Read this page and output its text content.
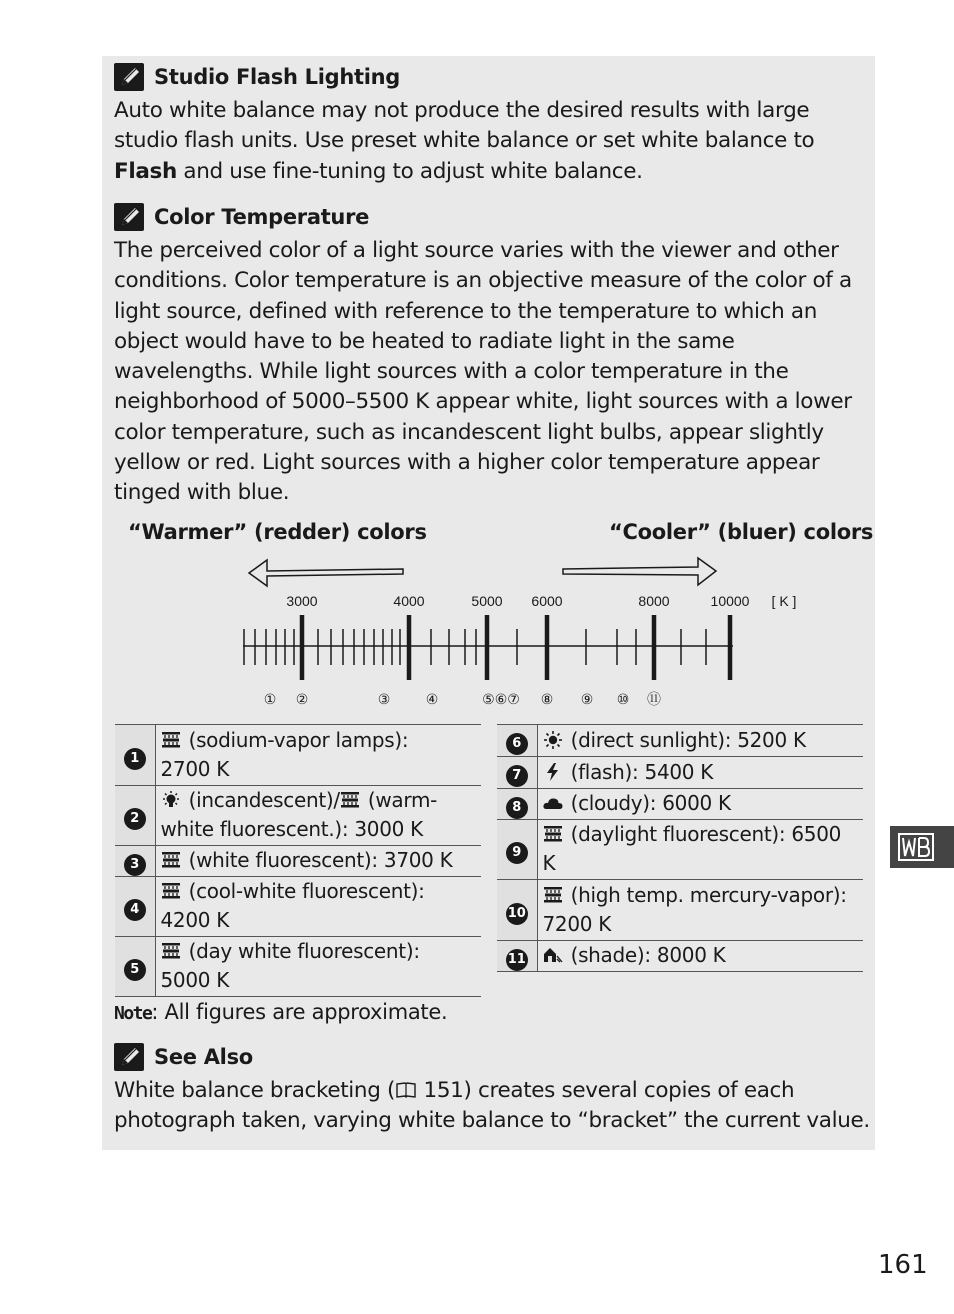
Studio Flash Lighting
Auto white balance may not produce the desired results with large studio flash units. Use preset white balance or set white balance to Flash and use fine-tuning to adjust white balance.
Color Temperature
The perceived color of a light source varies with the viewer and other conditions. Color temperature is an objective measure of the color of a light source, defined with reference to the temperature to which an object would have to be heated to radiate light in the same wavelengths. While light sources with a color temperature in the neighborhood of 5000–5500 K appear white, light sources with a lower color temperature, such as incandescent light bulbs, appear slightly yellow or red. Light sources with a higher color temperature appear tinged with blue.
“Warmer” (redder) colors	“Cooler” (bluer) colors
3000	4000	5000 6000	8000	10000 [ K ]
① ②	③	④	⑤⑥⑦ ⑧ ⑨ ⑩ ⑪
1	(sodium-vapor lamps):
2700 K
2	(incandescent)/ (warm-
white fluorescent.): 3000 K
3	(white fluorescent): 3700 K
4	(cool-white fluorescent):
4200 K
5	(day white fluorescent):
5000 K
6	(direct sunlight): 5200 K
7	(flash): 5400 K
8	(cloudy): 6000 K
9	(daylight fluorescent): 6500 K
10	(high temp. mercury-vapor):
7200 K
11	(shade): 8000 K
Note: All figures are approximate.
See Also
White balance bracketing ( 151) creates several copies of each photograph taken, varying white balance to “bracket” the current value.
161
